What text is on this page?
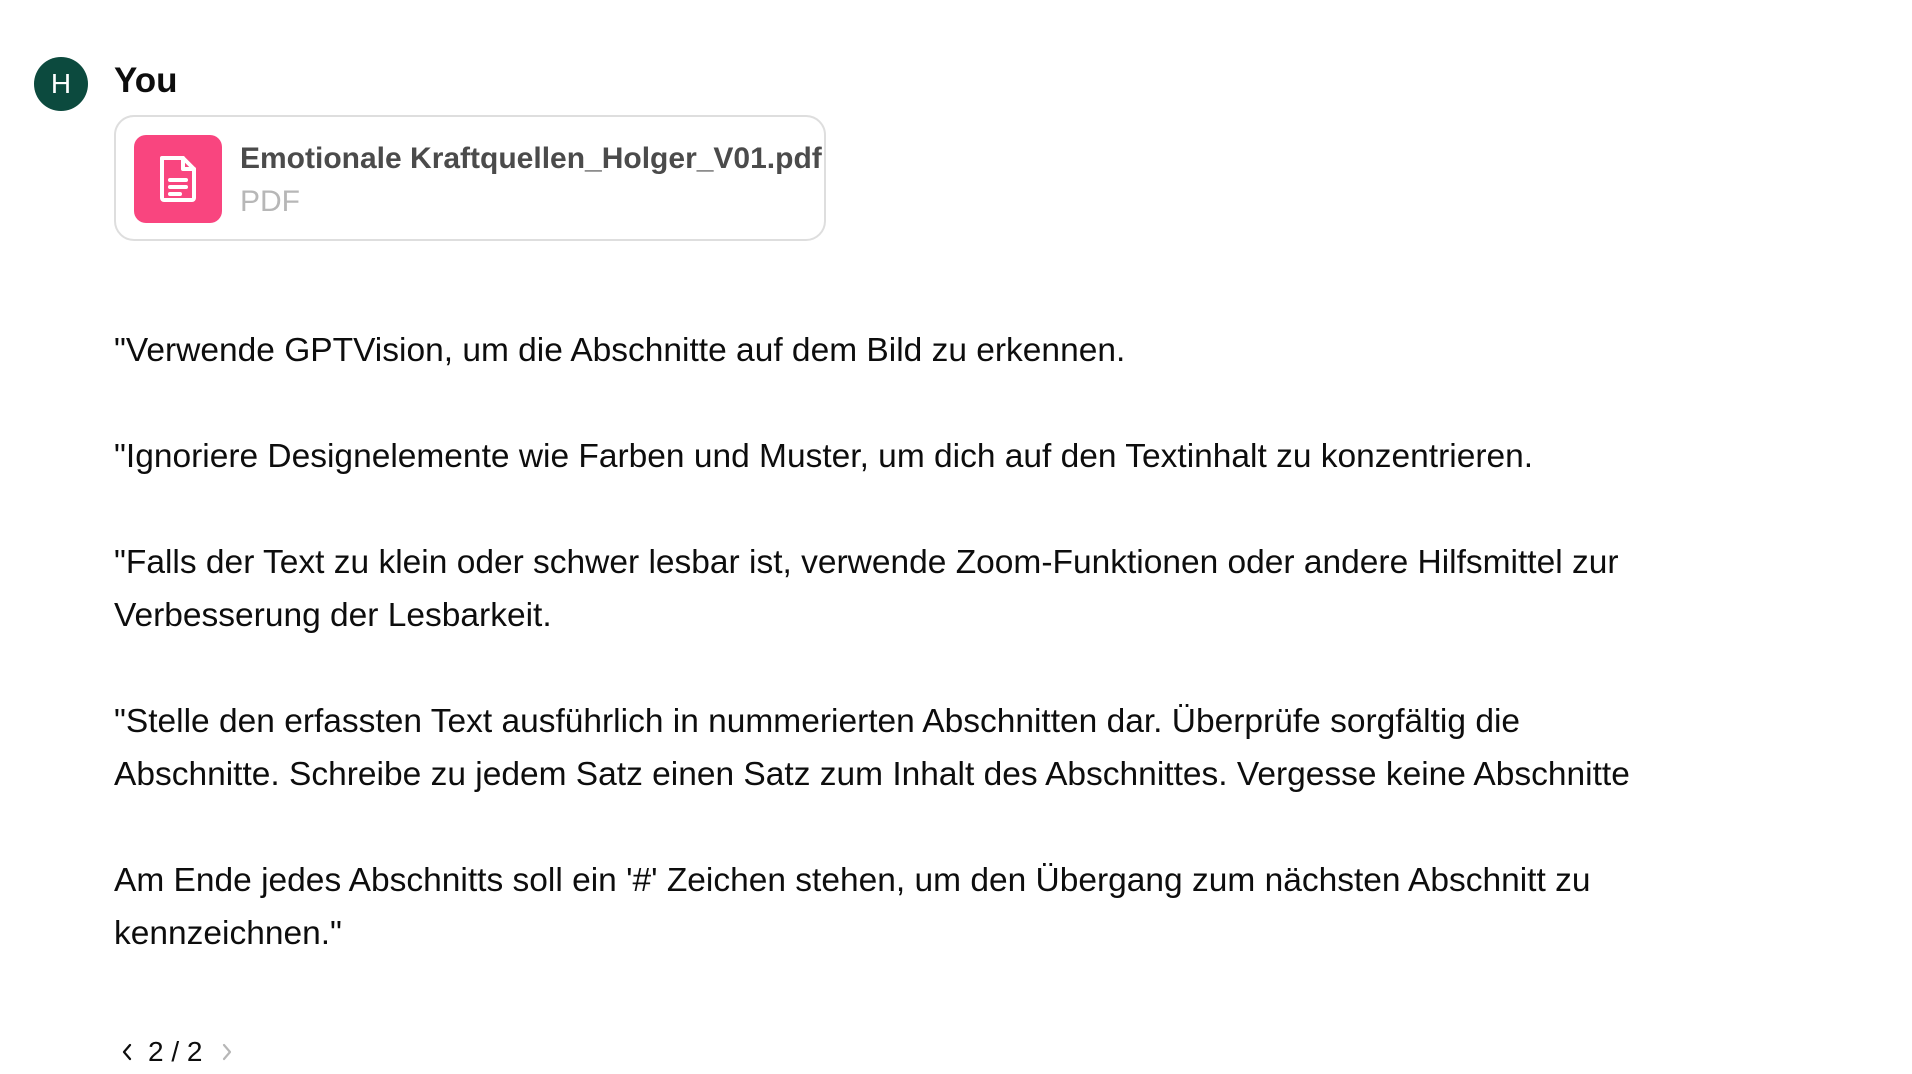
H	You
Emotionale Kraftquellen_Holger_V01.pdf
PDF

"Verwende GPTVision, um die Abschnitte auf dem Bild zu erkennen.

"Ignoriere Designelemente wie Farben und Muster, um dich auf den Textinhalt zu konzentrieren.

"Falls der Text zu klein oder schwer lesbar ist, verwende Zoom-Funktionen oder andere Hilfsmittel zur Verbesserung der Lesbarkeit.

"Stelle den erfassten Text ausführlich in nummerierten Abschnitten dar. Überprüfe sorgfältig die Abschnitte. Schreibe zu jedem Satz einen Satz zum Inhalt des Abschnittes. Vergesse keine Abschnitte

Am Ende jedes Abschnitts soll ein '#' Zeichen stehen, um den Übergang zum nächsten Abschnitt zu kennzeichnen."

2 / 2
